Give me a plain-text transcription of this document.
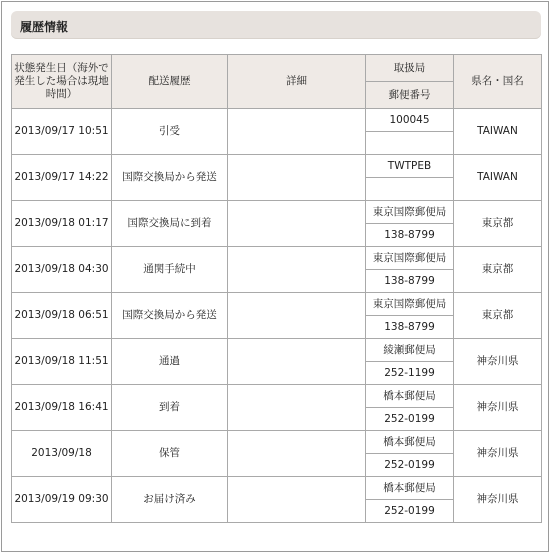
履歴情報
状態発生日（海外で発生した場合は現地時間）	配送履歴	詳細	取扱局	県名・国名
			郵便番号	
2013/09/17 10:51	引受		100045	TAIWAN

2013/09/17 14:22	国際交換局から発送		TWTPEB	TAIWAN

2013/09/18 01:17	国際交換局に到着		東京国際郵便局	東京都
			138-8799	
2013/09/18 04:30	通関手続中		東京国際郵便局	東京都
			138-8799	
2013/09/18 06:51	国際交換局から発送		東京国際郵便局	東京都
			138-8799	
2013/09/18 11:51	通過		綾瀬郵便局	神奈川県
			252-1199	
2013/09/18 16:41	到着		橋本郵便局	神奈川県
			252-0199	
2013/09/18	保管		橋本郵便局	神奈川県
			252-0199	
2013/09/19 09:30	お届け済み		橋本郵便局	神奈川県
			252-0199	
